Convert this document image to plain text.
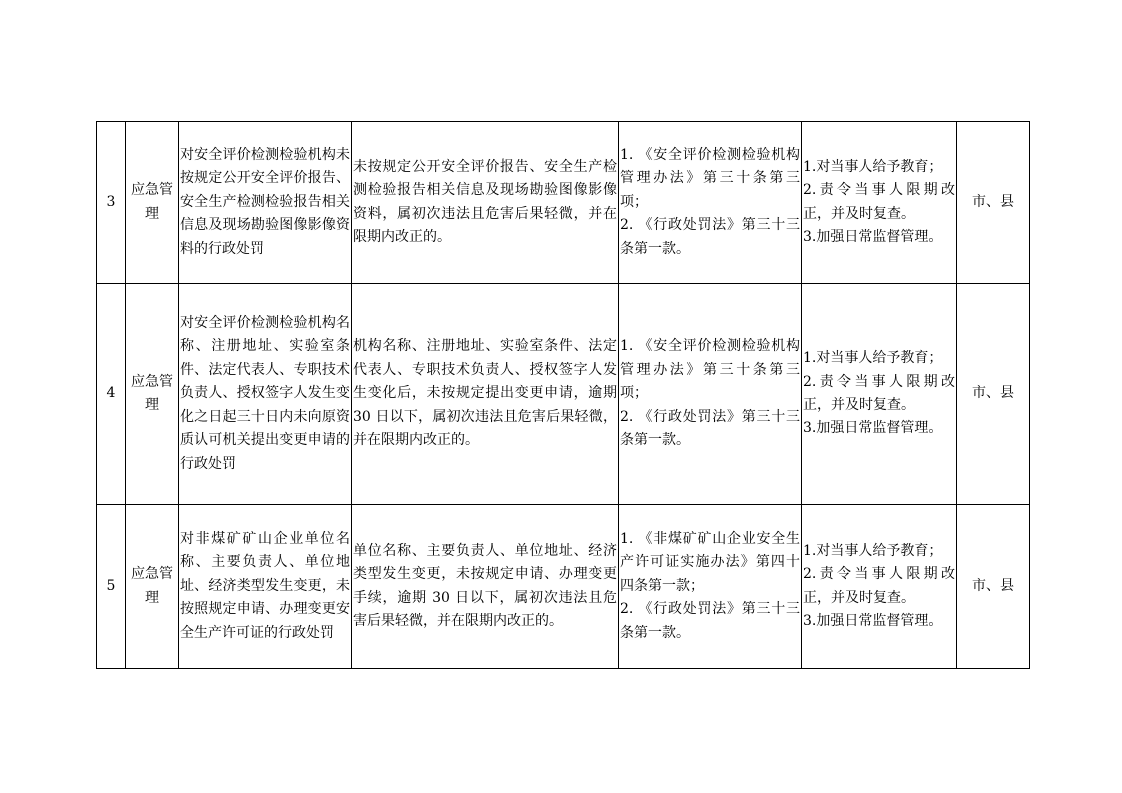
3	应急管理	对安全评价检测检验机构未按规定公开安全评价报告、安全生产检测检验报告相关信息及现场勘验图像影像资料的行政处罚	未按规定公开安全评价报告、安全生产检测检验报告相关信息及现场勘验图像影像资料，属初次违法且危害后果轻微，并在限期内改正的。	1. 《安全评价检测检验机构管理办法》第三十条第三项；
2. 《行政处罚法》第三十三条第一款。	1.对当事人给予教育；
2.责令当事人限期改正，并及时复查。
3.加强日常监督管理。	市、县
4	应急管理	对安全评价检测检验机构名称、注册地址、实验室条件、法定代表人、专职技术负责人、授权签字人发生变化之日起三十日内未向原资质认可机关提出变更申请的行政处罚	机构名称、注册地址、实验室条件、法定代表人、专职技术负责人、授权签字人发生变化后，未按规定提出变更申请，逾期 30 日以下，属初次违法且危害后果轻微，并在限期内改正的。	1. 《安全评价检测检验机构管理办法》第三十条第三项；
2. 《行政处罚法》第三十三条第一款。	1.对当事人给予教育；
2.责令当事人限期改正，并及时复查。
3.加强日常监督管理。	市、县
5	应急管理	对非煤矿矿山企业单位名称、主要负责人、单位地址、经济类型发生变更，未按照规定申请、办理变更安全生产许可证的行政处罚	单位名称、主要负责人、单位地址、经济类型发生变更，未按规定申请、办理变更手续，逾期 30 日以下，属初次违法且危害后果轻微，并在限期内改正的。	1. 《非煤矿矿山企业安全生产许可证实施办法》第四十四条第一款；
2. 《行政处罚法》第三十三条第一款。	1.对当事人给予教育；
2.责令当事人限期改正，并及时复查。
3.加强日常监督管理。	市、县
